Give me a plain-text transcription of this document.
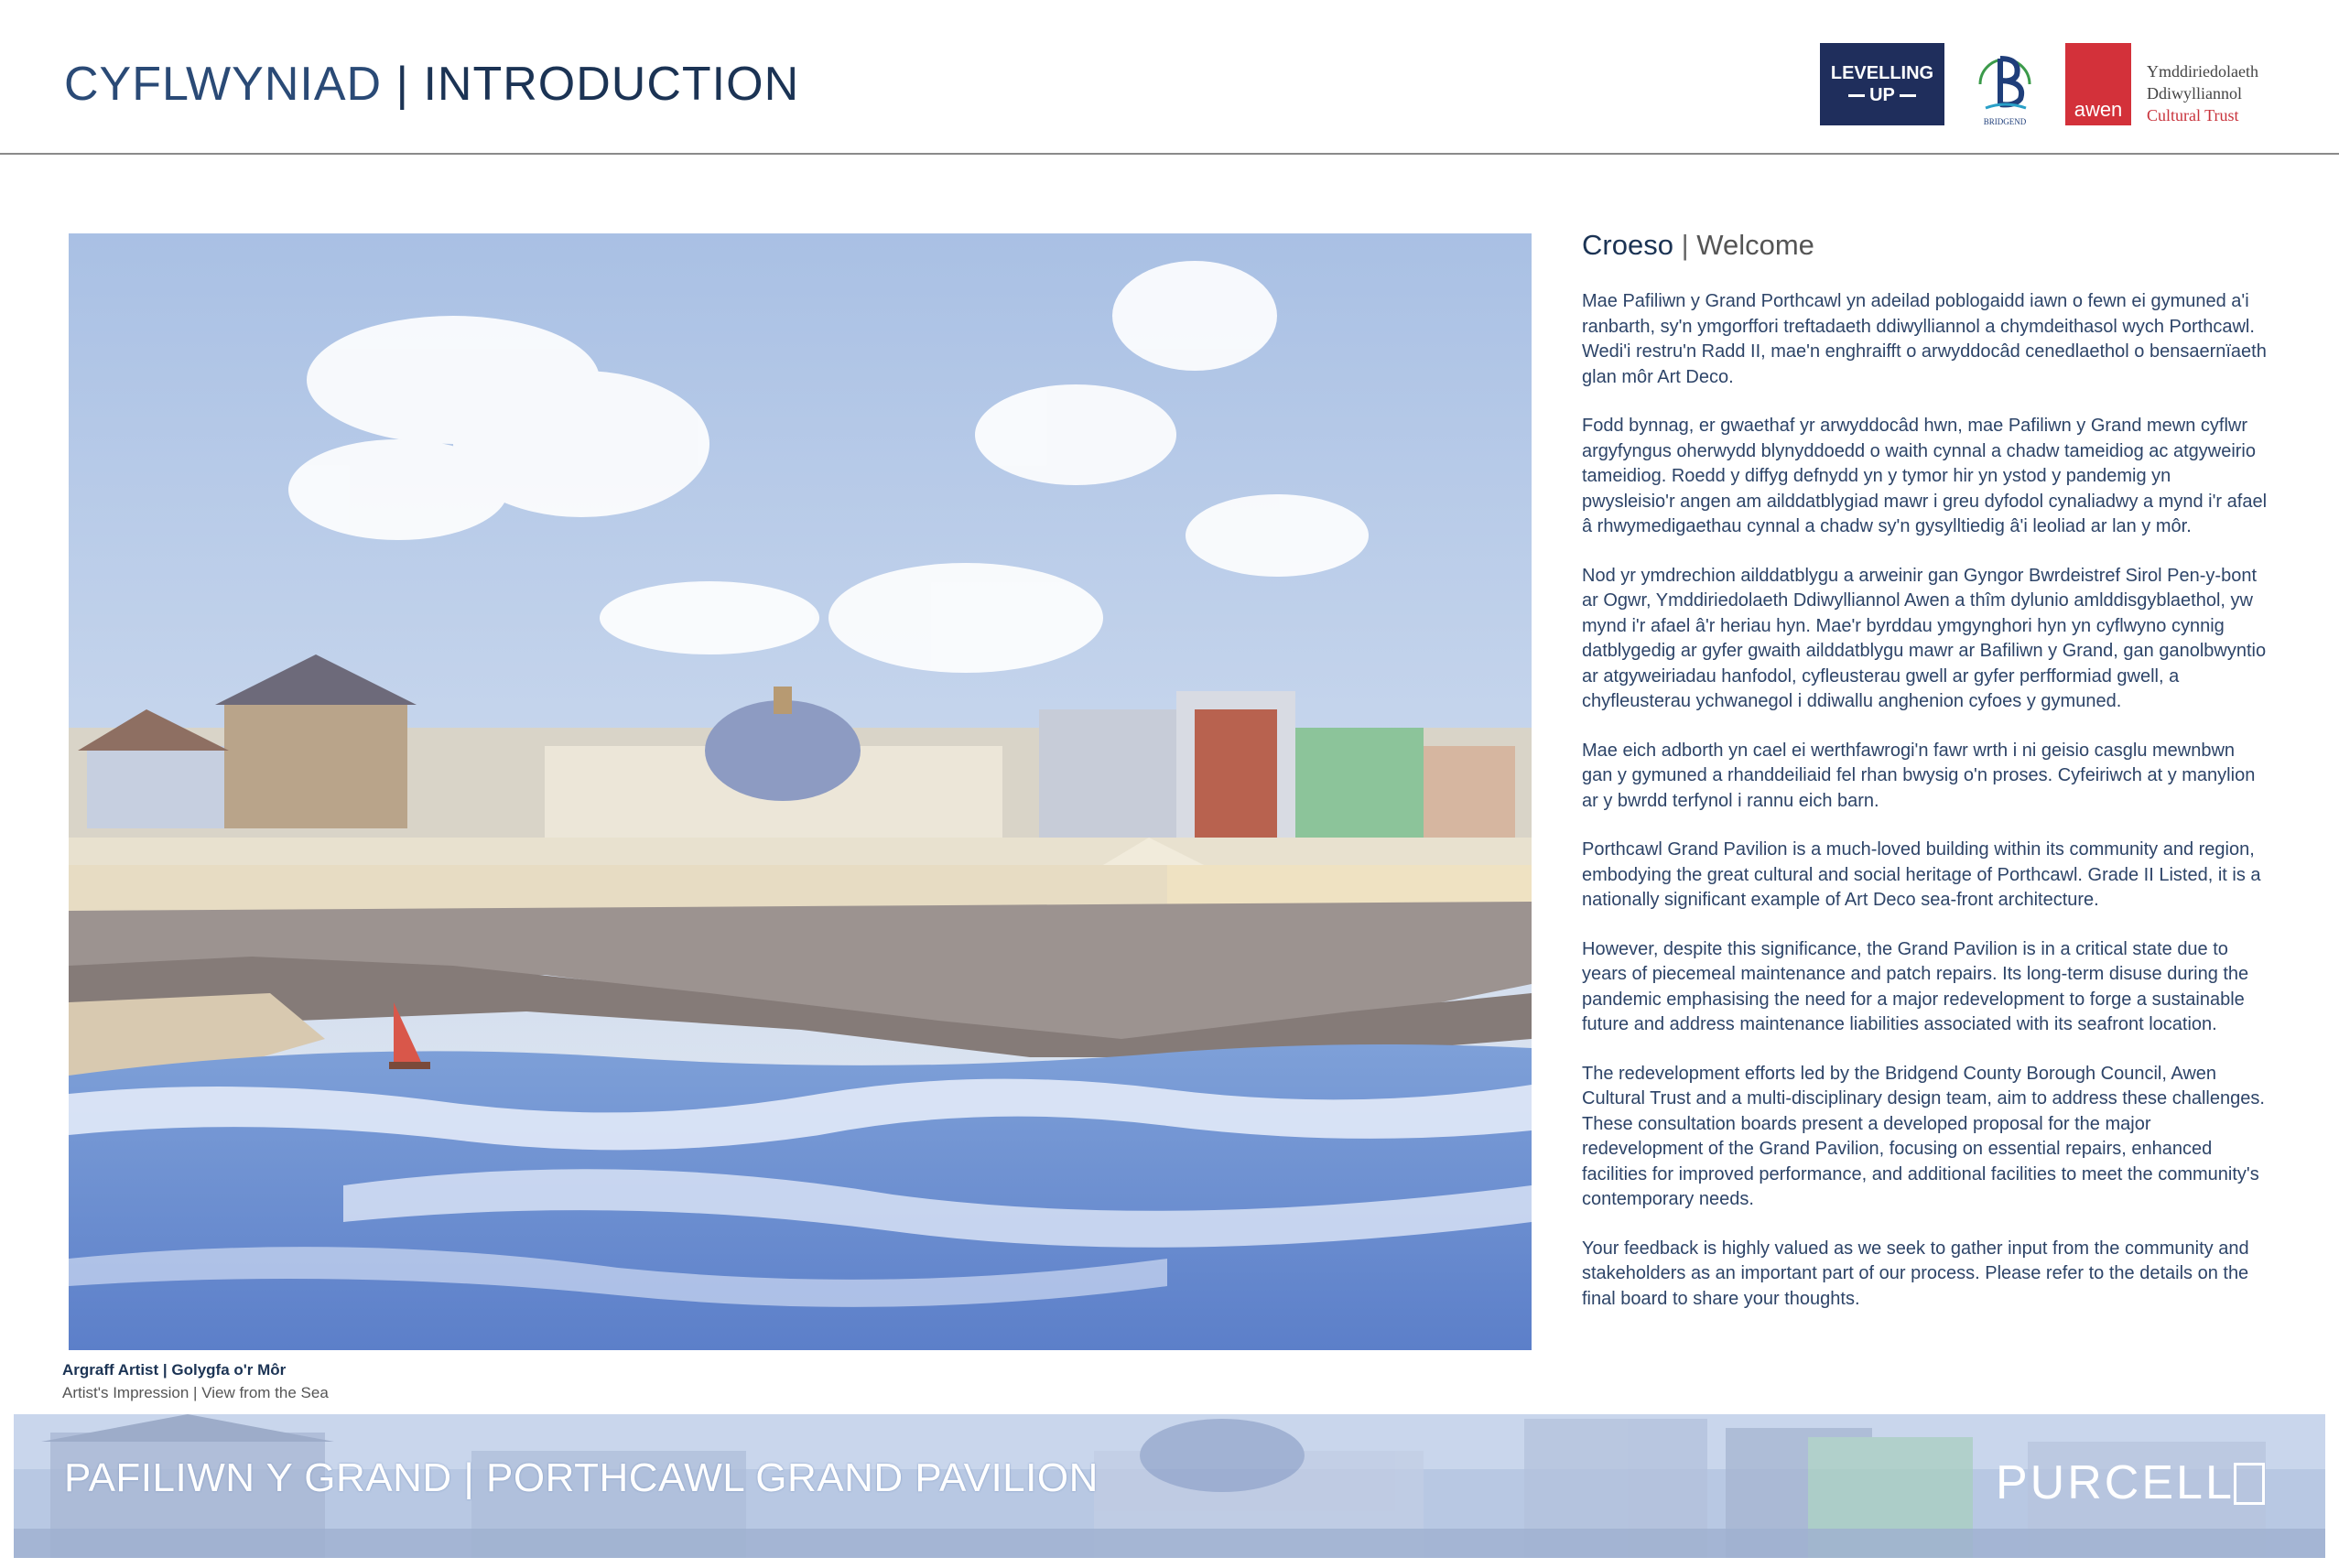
CYFLWYNIAD | INTRODUCTION	LEVELLING
UP
BRIDGEND
awen
Ymddiriedolaeth
Ddiwylliannol
Cultural Trust
Argraff Artist | Golygfa o'r Môr
Artist's Impression | View from the Sea
Croeso | Welcome

Mae Pafiliwn y Grand Porthcawl yn adeilad poblogaidd iawn o fewn ei gymuned a'i ranbarth, sy'n ymgorffori treftadaeth ddiwylliannol a chymdeithasol wych Porthcawl. Wedi'i restru'n Radd II, mae'n enghraifft o arwyddocâd cenedlaethol o bensaernïaeth glan môr Art Deco.

Fodd bynnag, er gwaethaf yr arwyddocâd hwn, mae Pafiliwn y Grand mewn cyflwr argyfyngus oherwydd blynyddoedd o waith cynnal a chadw tameidiog ac atgyweirio tameidiog. Roedd y diffyg defnydd yn y tymor hir yn ystod y pandemig yn pwysleisio'r angen am ailddatblygiad mawr i greu dyfodol cynaliadwy a mynd i'r afael â rhwymedigaethau cynnal a chadw sy'n gysylltiedig â'i leoliad ar lan y môr.

Nod yr ymdrechion ailddatblygu a arweinir gan Gyngor Bwrdeistref Sirol Pen-y-bont ar Ogwr, Ymddiriedolaeth Ddiwylliannol Awen a thîm dylunio amlddisgyblaethol, yw mynd i'r afael â'r heriau hyn. Mae'r byrddau ymgynghori hyn yn cyflwyno cynnig datblygedig ar gyfer gwaith ailddatblygu mawr ar Bafiliwn y Grand, gan ganolbwyntio ar atgyweiriadau hanfodol, cyfleusterau gwell ar gyfer perfformiad gwell, a chyfleusterau ychwanegol i ddiwallu anghenion cyfoes y gymuned.

Mae eich adborth yn cael ei werthfawrogi'n fawr wrth i ni geisio casglu mewnbwn gan y gymuned a rhanddeiliaid fel rhan bwysig o'n proses. Cyfeiriwch at y manylion ar y bwrdd terfynol i rannu eich barn.

Porthcawl Grand Pavilion is a much-loved building within its community and region, embodying the great cultural and social heritage of Porthcawl. Grade II Listed, it is a nationally significant example of Art Deco sea-front architecture.

However, despite this significance, the Grand Pavilion is in a critical state due to years of piecemeal maintenance and patch repairs. Its long-term disuse during the pandemic emphasising the need for a major redevelopment to forge a sustainable future and address maintenance liabilities associated with its seafront location.

The redevelopment efforts led by the Bridgend County Borough Council, Awen Cultural Trust and a multi-disciplinary design team, aim to address these challenges. These consultation boards present a developed proposal for the major redevelopment of the Grand Pavilion, focusing on essential repairs, enhanced facilities for improved performance, and additional facilities to meet the community's contemporary needs.

Your feedback is highly valued as we seek to gather input from the community and stakeholders as an important part of our process. Please refer to the details on the final board to share your thoughts.

PAFILIWN Y GRAND | PORTHCAWL GRAND PAVILION	PURCELL
